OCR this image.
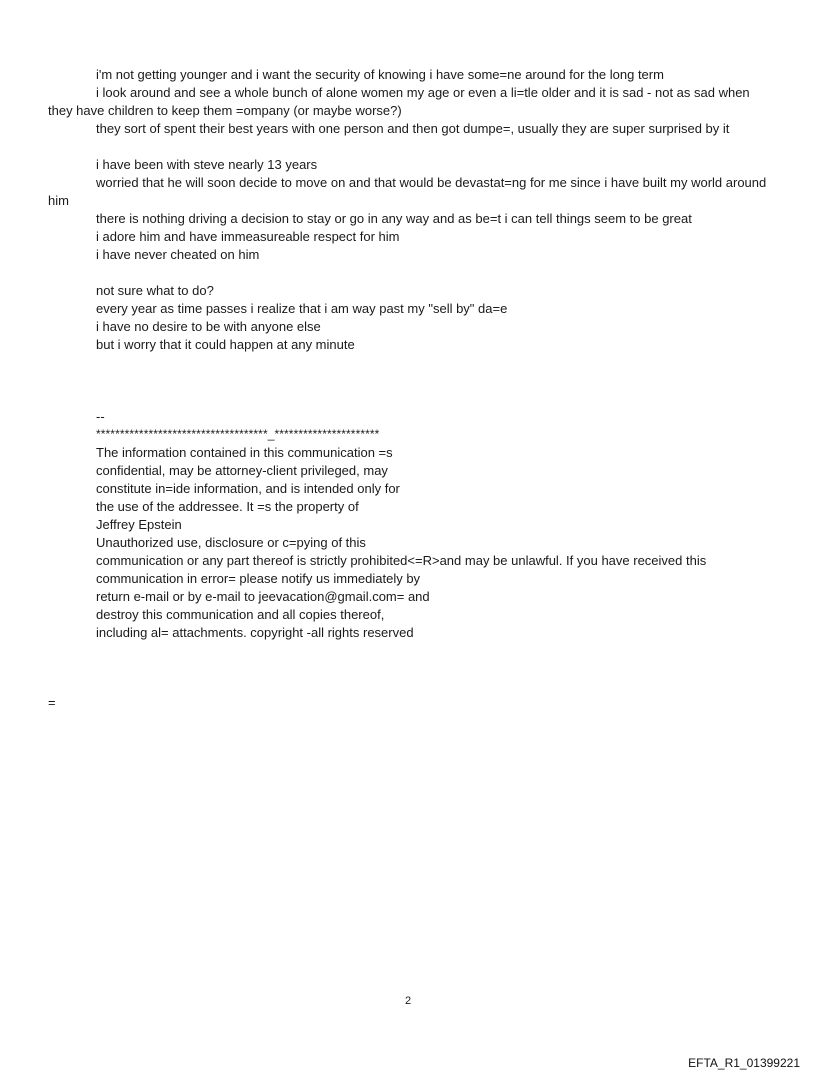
i'm not getting younger and i want the security of knowing i have some=ne around for the long term

i look around and see a whole bunch of alone women my age or even a li=tle older and it is sad - not as sad when they have children to keep them =ompany (or maybe worse?)

they sort of spent their best years with one person and then got dumpe=, usually they are super surprised by it

i have been with steve nearly 13 years

worried that he will soon decide to move on and that would be devastat=ng for me since i have built my world around him

there is nothing driving a decision to stay or go in any way and as be=t i can tell things seem to be great

i adore him and have immeasureable respect for him

i have never cheated on him

not sure what to do?

every year as time passes i realize that i am way past my "sell by" da=e

i have no desire to be with anyone else

but i worry that it could happen at any minute

--

************************************_**********************

The information contained in this communication =s

confidential, may be attorney-client privileged, may

constitute in=ide information, and is intended only for

the use of the addressee. It =s the property of

Jeffrey Epstein

Unauthorized use, disclosure or c=pying of this

communication or any part thereof is strictly prohibited<=R>and may be unlawful. If you have received this

communication in error= please notify us immediately by

return e-mail or by e-mail to jeevacation@gmail.com= and

destroy this communication and all copies thereof,

including al= attachments. copyright -all rights reserved

=
2
EFTA_R1_01399221
